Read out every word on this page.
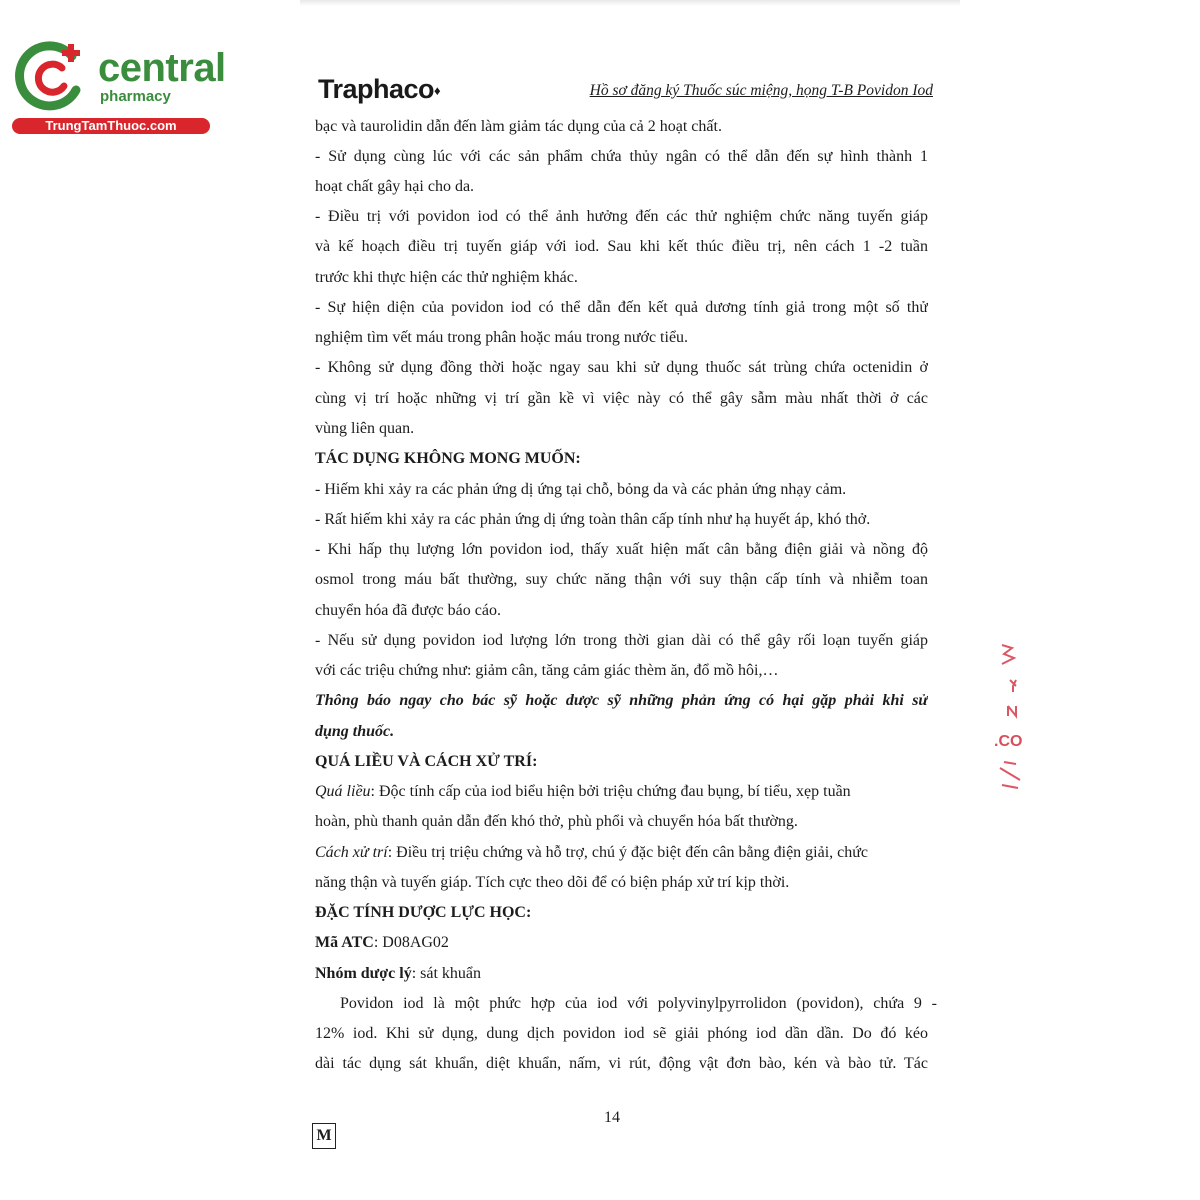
central
pharmacy
TrungTamThuoc.com
Traphaco♦	Hồ sơ đăng ký Thuốc súc miệng, họng T-B Povidon Iod
bạc và taurolidin dẫn đến làm giảm tác dụng của cả 2 hoạt chất.
- Sử dụng cùng lúc với các sản phẩm chứa thủy ngân có thể dẫn đến sự hình thành 1
hoạt chất gây hại cho da.
- Điều trị với povidon iod có thể ảnh hưởng đến các thử nghiệm chức năng tuyến giáp
và kế hoạch điều trị tuyến giáp với iod. Sau khi kết thúc điều trị, nên cách 1 -2 tuần
trước khi thực hiện các thử nghiệm khác.
- Sự hiện diện của povidon iod có thể dẫn đến kết quả dương tính giả trong một số thử
nghiệm tìm vết máu trong phân hoặc máu trong nước tiểu.
- Không sử dụng đồng thời hoặc ngay sau khi sử dụng thuốc sát trùng chứa octenidin ở
cùng vị trí hoặc những vị trí gần kề vì việc này có thể gây sẫm màu nhất thời ở các
vùng liên quan.
TÁC DỤNG KHÔNG MONG MUỐN:
- Hiếm khi xảy ra các phản ứng dị ứng tại chỗ, bỏng da và các phản ứng nhạy cảm.
- Rất hiếm khi xảy ra các phản ứng dị ứng toàn thân cấp tính như hạ huyết áp, khó thở.
- Khi hấp thụ lượng lớn povidon iod, thấy xuất hiện mất cân bằng điện giải và nồng độ
osmol trong máu bất thường, suy chức năng thận với suy thận cấp tính và nhiễm toan
chuyển hóa đã được báo cáo.
- Nếu sử dụng povidon iod lượng lớn trong thời gian dài có thể gây rối loạn tuyến giáp
với các triệu chứng như: giảm cân, tăng cảm giác thèm ăn, đổ mồ hôi,…
Thông báo ngay cho bác sỹ hoặc dược sỹ những phản ứng có hại gặp phải khi sử
dụng thuốc.
QUÁ LIỀU VÀ CÁCH XỬ TRÍ:
Quá liều: Độc tính cấp của iod biểu hiện bởi triệu chứng đau bụng, bí tiểu, xẹp tuần
hoàn, phù thanh quản dẫn đến khó thở, phù phổi và chuyển hóa bất thường.
Cách xử trí: Điều trị triệu chứng và hỗ trợ, chú ý đặc biệt đến cân bằng điện giải, chức
năng thận và tuyến giáp. Tích cực theo dõi để có biện pháp xử trí kịp thời.
ĐẶC TÍNH DƯỢC LỰC HỌC:
Mã ATC: D08AG02
Nhóm dược lý: sát khuẩn
Povidon iod là một phức hợp của iod với polyvinylpyrrolidon (povidon), chứa 9 -
12% iod. Khi sử dụng, dung dịch povidon iod sẽ giải phóng iod dần dần. Do đó kéo
dài tác dụng sát khuẩn, diệt khuẩn, nấm, vi rút, động vật đơn bào, kén và bào tử. Tác
14
M
.CO
